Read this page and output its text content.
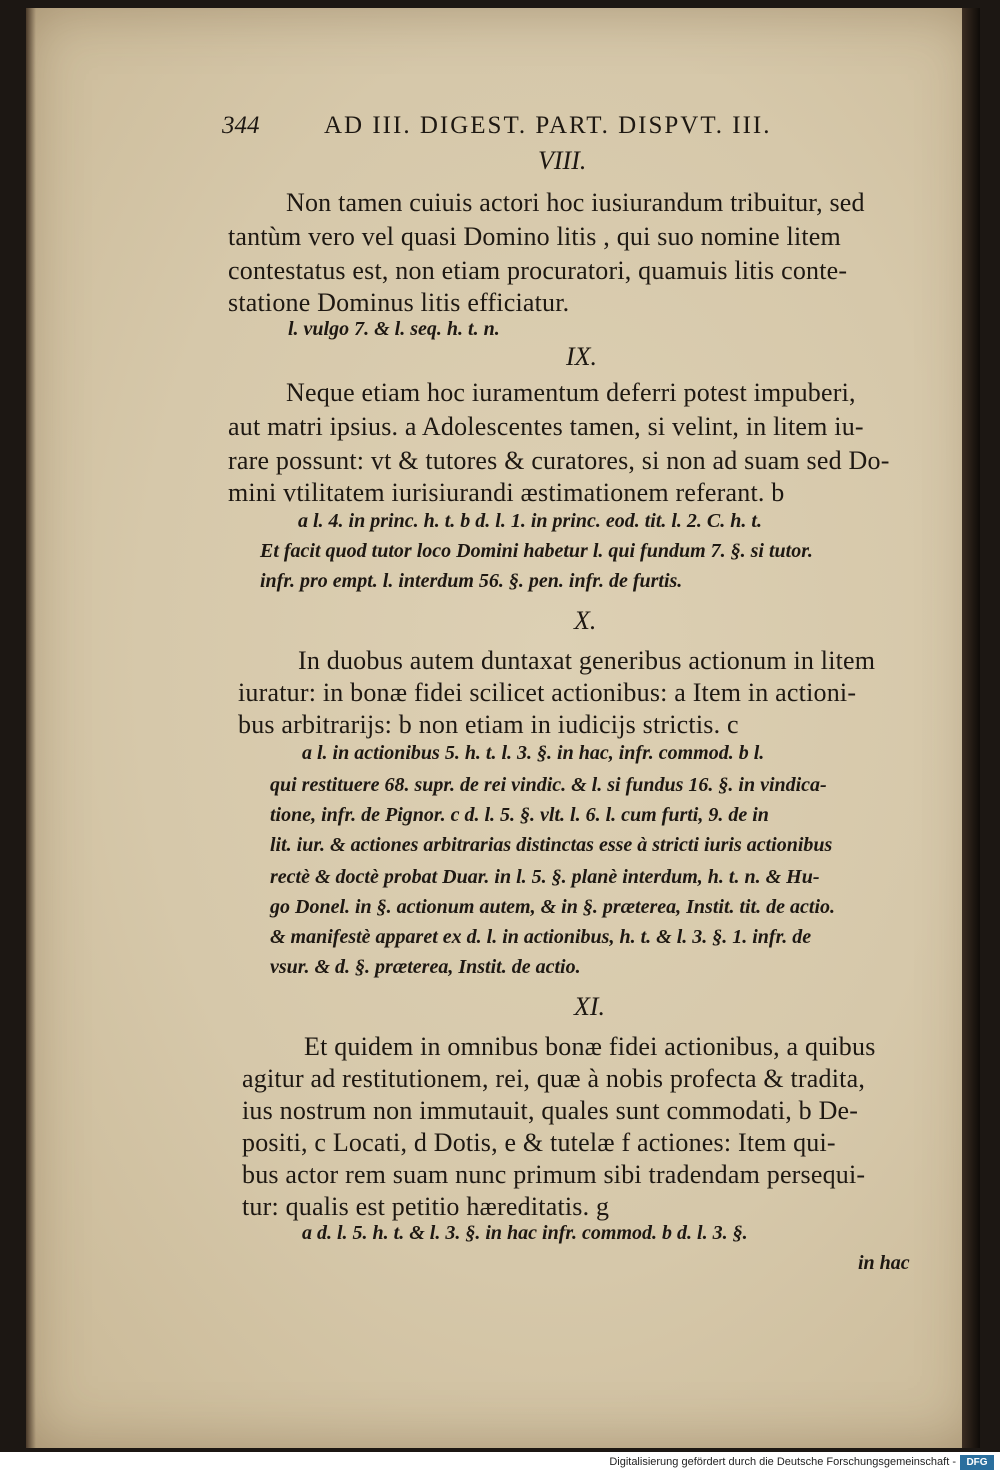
344	AD III. DIGEST. PART. DISPVT. III.
VIII.
Non tamen cuiuis actori hoc iusiurandum tribuitur, sed
tantùm vero vel quasi Domino litis , qui suo nomine litem
contestatus est, non etiam procuratori, quamuis litis conte-
statione Dominus litis efficiatur.
l. vulgo 7. & l. seq. h. t. n.
IX.
Neque etiam hoc iuramentum deferri potest impuberi,
aut matri ipsius. a Adolescentes tamen, si velint, in litem iu-
rare possunt: vt & tutores & curatores, si non ad suam sed Do-
mini vtilitatem iurisiurandi æstimationem referant. b
a l. 4. in princ. h. t. b d. l. 1. in princ. eod. tit. l. 2. C. h. t.
Et facit quod tutor loco Domini habetur l. qui fundum 7. §. si tutor.
infr. pro empt. l. interdum 56. §. pen. infr. de furtis.
X.
In duobus autem duntaxat generibus actionum in litem
iuratur: in bonæ fidei scilicet actionibus: a Item in actioni-
bus arbitrarijs: b non etiam in iudicijs strictis. c
a l. in actionibus 5. h. t. l. 3. §. in hac, infr. commod. b l.
qui restituere 68. supr. de rei vindic. & l. si fundus 16. §. in vindica-
tione, infr. de Pignor. c d. l. 5. §. vlt. l. 6. l. cum furti, 9. de in
lit. iur. & actiones arbitrarias distinctas esse à stricti iuris actionibus
rectè & doctè probat Duar. in l. 5. §. planè interdum, h. t. n. & Hu-
go Donel. in §. actionum autem, & in §. præterea, Instit. tit. de actio.
& manifestè apparet ex d. l. in actionibus, h. t. & l. 3. §. 1. infr. de
vsur. & d. §. præterea, Instit. de actio.
XI.
Et quidem in omnibus bonæ fidei actionibus, a quibus
agitur ad restitutionem, rei, quæ à nobis profecta & tradita,
ius nostrum non immutauit, quales sunt commodati, b De-
positi, c Locati, d Dotis, e & tutelæ f actiones: Item qui-
bus actor rem suam nunc primum sibi tradendam persequi-
tur: qualis est petitio hæreditatis. g
a d. l. 5. h. t. & l. 3. §. in hac infr. commod. b d. l. 3. §.
in hac
Digitalisierung gefördert durch die Deutsche Forschungsgemeinschaft -	DFG
